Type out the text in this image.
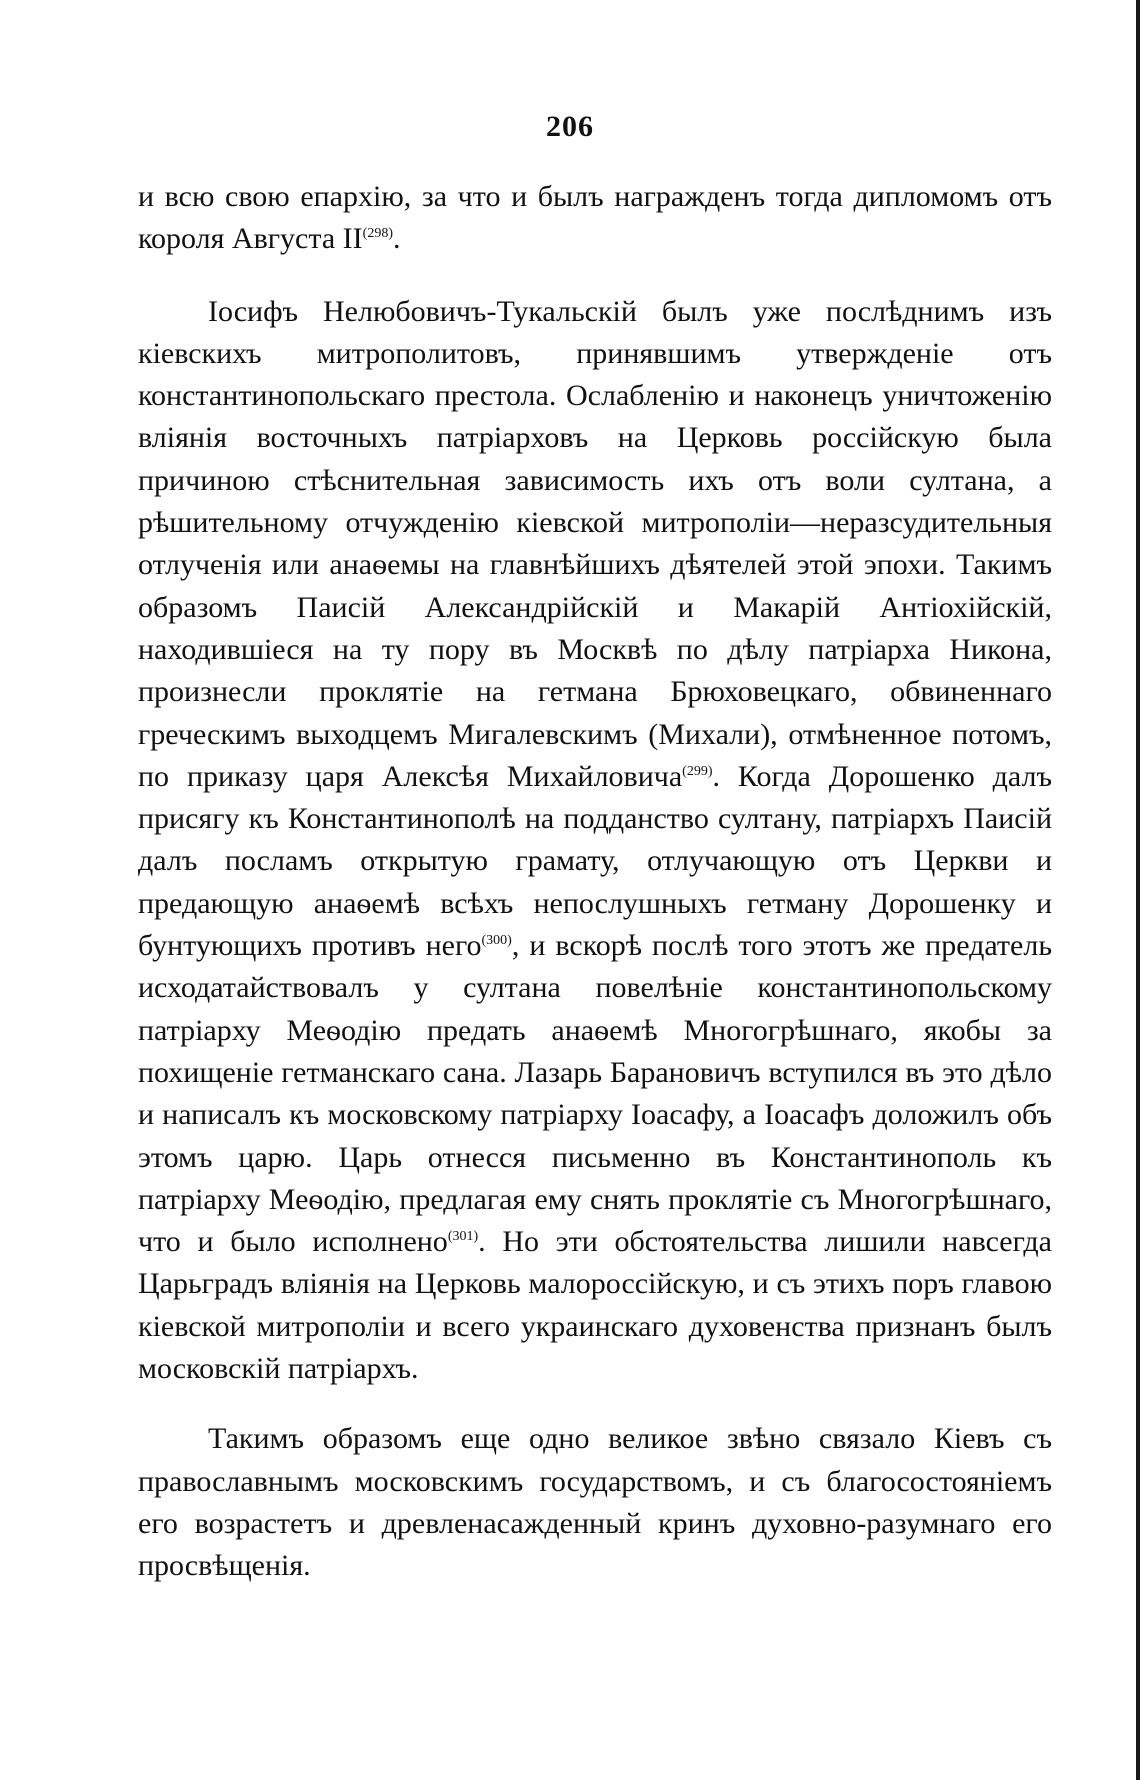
206

и всю свою епархiю, за что и былъ награжденъ тогда дипломомъ отъ короля Августа II$^{(298)}$.

Iосифъ Нелюбовичъ-Тукальскiй былъ уже послѣднимъ изъ кiевскихъ митрополитовъ, принявшимъ утвержденiе отъ константинопольскаго престола. Ослабленiю и наконецъ уничтоженiю влiянiя восточныхъ патрiарховъ на Церковь россiйскую была причиною стѣснительная зависимость ихъ отъ воли султана, а рѣшительному отчужденiю кiевской митрополiи—неразсудительныя отлученiя или анаѳемы на главнѣйшихъ дѣятелей этой эпохи. Такимъ образомъ Паисiй Александрiйскiй и Макарiй Антiохiйскiй, находившiеся на ту пору въ Москвѣ по дѣлу патрiарха Никона, произнесли проклятiе на гетмана Брюховецкаго, обвиненнаго греческимъ выходцемъ Мигалевскимъ (Михали), отмѣненное потомъ, по приказу царя Алексѣя Михайловича$^{(299)}$. Когда Дорошенко далъ присягу къ Константинополѣ на подданство султану, патрiархъ Паисiй далъ посламъ открытую грамату, отлучающую отъ Церкви и предающую анаѳемѣ всѣхъ непослушныхъ гетману Дорошенку и бунтующихъ противъ него$^{(300)}$, и вскорѣ послѣ того этотъ же предатель исходатайствовалъ у султана повелѣнiе константинопольскому патрiарху Меѳодiю предать анаѳемѣ Многогрѣшнаго, якобы за похищенiе гетманскаго сана. Лазарь Барановичъ вступился въ это дѣло и написалъ къ московскому патрiарху Iоасафу, а Iоасафъ доложилъ объ этомъ царю. Царь отнесся письменно въ Константинополь къ патрiарху Меѳодiю, предлагая ему снять проклятiе съ Многогрѣшнаго, что и было исполнено$^{(301)}$. Но эти обстоятельства лишили навсегда Царьградъ влiянiя на Церковь малороссiйскую, и съ этихъ поръ главою кiевской митрополiи и всего украинскаго духовенства признанъ былъ московскiй патрiархъ.

Такимъ образомъ еще одно великое звѣно связало Кiевъ съ православнымъ московскимъ государствомъ, и съ благосостоянiемъ его возрастетъ и древленасажденный кринъ духовно-разумнаго его просвѣщенiя.
